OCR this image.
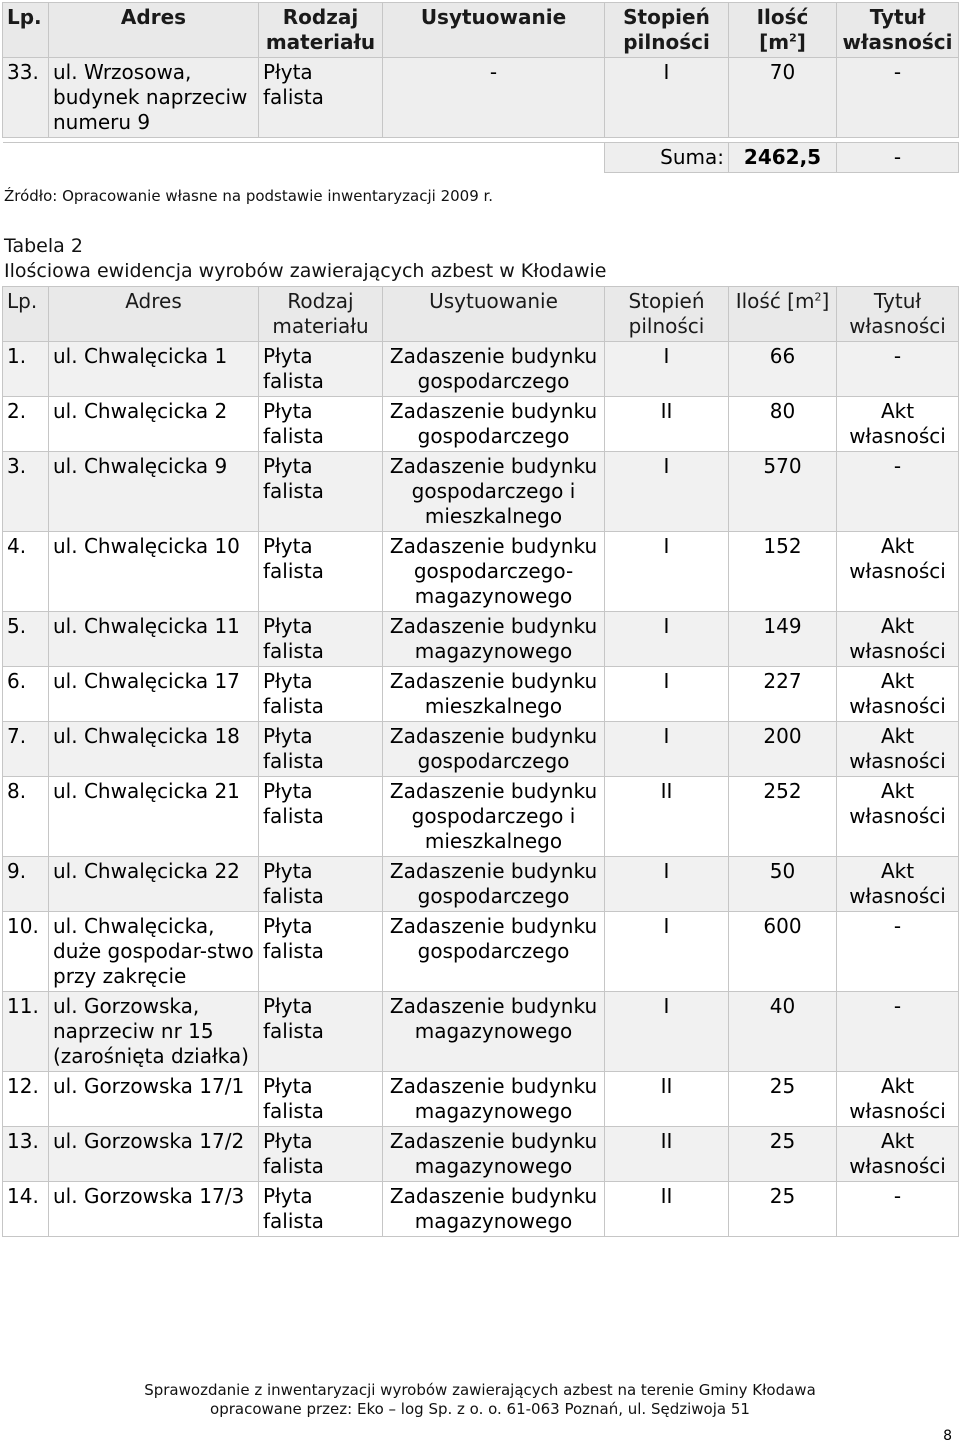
Lp.	Adres	Rodzaj materiału	Usytuowanie	Stopień pilności	Ilość $[m^2]$	Tytuł własności
33.	ul. Wrzosowa, budynek naprzeciw numeru 9	Płyta falista	-	I	70	-

				Suma:	2462,5	-
Źródło: Opracowanie własne na podstawie inwentaryzacji 2009 r.
Tabela 2
Ilościowa ewidencja wyrobów zawierających azbest w Kłodawie
Lp.	Adres	Rodzaj materiału	Usytuowanie	Stopień pilności	Ilość $[m^2]$	Tytuł własności
1.	ul. Chwalęcicka 1	Płyta falista	Zadaszenie budynku gospodarczego	I	66	-
2.	ul. Chwalęcicka 2	Płyta falista	Zadaszenie budynku gospodarczego	II	80	Akt własności
3.	ul. Chwalęcicka 9	Płyta falista	Zadaszenie budynku gospodarczego i mieszkalnego	I	570	-
4.	ul. Chwalęcicka 10	Płyta falista	Zadaszenie budynku gospodarczego-magazynowego	I	152	Akt własności
5.	ul. Chwalęcicka 11	Płyta falista	Zadaszenie budynku magazynowego	I	149	Akt własności
6.	ul. Chwalęcicka 17	Płyta falista	Zadaszenie budynku mieszkalnego	I	227	Akt własności
7.	ul. Chwalęcicka 18	Płyta falista	Zadaszenie budynku gospodarczego	I	200	Akt własności
8.	ul. Chwalęcicka 21	Płyta falista	Zadaszenie budynku gospodarczego i mieszkalnego	II	252	Akt własności
9.	ul. Chwalęcicka 22	Płyta falista	Zadaszenie budynku gospodarczego	I	50	Akt własności
10.	ul. Chwalęcicka, duże gospodar-stwo przy zakręcie	Płyta falista	Zadaszenie budynku gospodarczego	I	600	-
11.	ul. Gorzowska, naprzeciw nr 15 (zarośnięta działka)	Płyta falista	Zadaszenie budynku magazynowego	I	40	-
12.	ul. Gorzowska 17/1	Płyta falista	Zadaszenie budynku magazynowego	II	25	Akt własności
13.	ul. Gorzowska 17/2	Płyta falista	Zadaszenie budynku magazynowego	II	25	Akt własności
14.	ul. Gorzowska 17/3	Płyta falista	Zadaszenie budynku magazynowego	II	25	-
Sprawozdanie z inwentaryzacji wyrobów zawierających azbest na terenie Gminy Kłodawa
opracowane przez: Eko – log Sp. z o. o. 61-063 Poznań, ul. Sędziwoja 51
8
